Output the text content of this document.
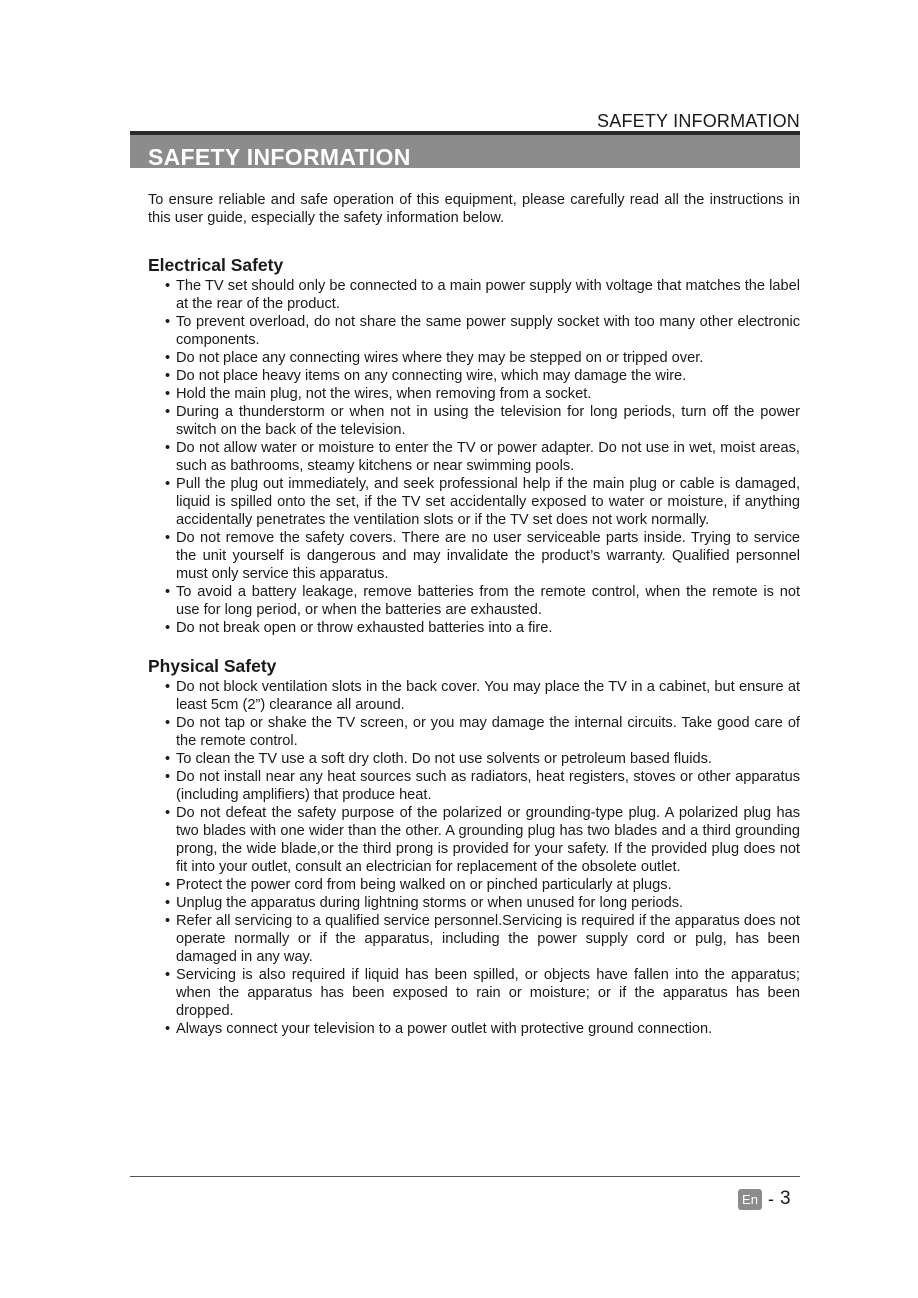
SAFETY INFORMATION
SAFETY INFORMATION

To ensure reliable and safe operation of this equipment, please carefully read all the instructions in this user guide, especially the safety information below.

Electrical Safety
• The TV set should only be connected to a main power supply with voltage that matches the label at the rear of the product.
• To prevent overload, do not share the same power supply socket with too many other electronic components.
• Do not place any connecting wires where they may be stepped on or tripped over.
• Do not place heavy items on any connecting wire, which may damage the wire.
• Hold the main plug, not the wires, when removing from a socket.
• During a thunderstorm or when not in using the television for long periods, turn off the power switch on the back of the television.
• Do not allow water or moisture to enter the TV or power adapter. Do not use in wet, moist areas, such as bathrooms, steamy kitchens or near swimming pools.
• Pull the plug out immediately, and seek professional help if the main plug or cable is damaged, liquid is spilled onto the set, if the TV set accidentally exposed to water or moisture, if anything accidentally penetrates the ventilation slots or if the TV set does not work normally.
• Do not remove the safety covers. There are no user serviceable parts inside. Trying to service the unit yourself is dangerous and may invalidate the product’s warranty. Qualified personnel must only service this apparatus.
• To avoid a battery leakage, remove batteries from the remote control, when the remote is not use for long period, or when the batteries are exhausted.
• Do not break open or throw exhausted batteries into a fire.
Physical Safety
• Do not block ventilation slots in the back cover. You may place the TV in a cabinet, but ensure at least 5cm (2”) clearance all around.
• Do not tap or shake the TV screen, or you may damage the internal circuits. Take good care of the remote control.
• To clean the TV use a soft dry cloth. Do not use solvents or petroleum based fluids.
• Do not install near any heat sources such as radiators, heat registers, stoves or other apparatus (including amplifiers) that produce heat.
• Do not defeat the safety purpose of the polarized or grounding-type plug. A polarized plug has two blades with one wider than the other. A grounding plug has two blades and a third grounding prong, the wide blade,or the third prong is provided for your safety. If the provided plug does not fit into your outlet, consult an electrician for replacement of the obsolete outlet.
• Protect the power cord from being walked on or pinched particularly at plugs.
• Unplug the apparatus during lightning storms or when unused for long periods.
• Refer all servicing to a qualified service personnel.Servicing is required if the apparatus does not operate normally or if the apparatus, including the power supply cord or pulg, has been damaged in any way.
• Servicing is also required if liquid has been spilled, or objects have fallen into the apparatus; when the apparatus has been exposed to rain or moisture; or if the apparatus has been dropped.
• Always connect your television to a power outlet with protective ground connection.
En - 3
